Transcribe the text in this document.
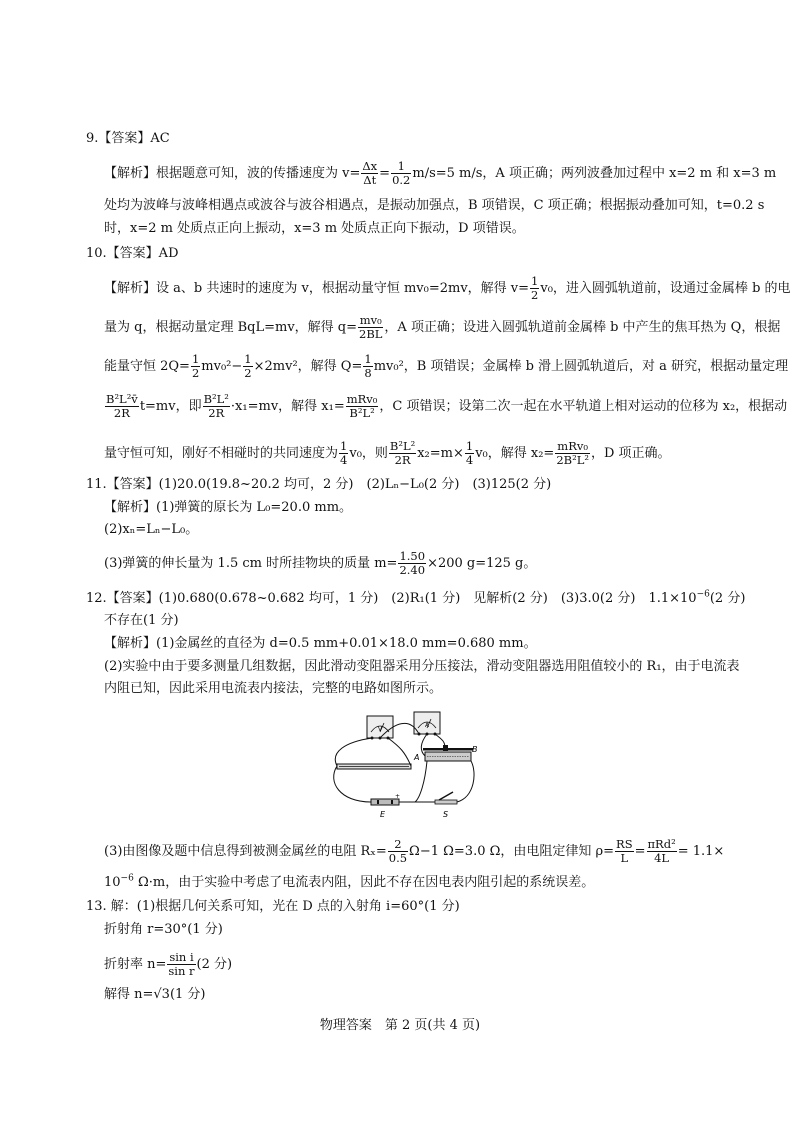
9.【答案】AC
【解析】根据题意可知，波的传播速度为 $v= \frac{\Delta x}{\Delta t} = \frac{1}{0.2} m/s=5$ m/s，A 项正确；两列波叠加过程中 x=2 m 和 x=3 m
处均为波峰与波峰相遇点或波谷与波谷相遇点，是振动加强点，B 项错误，C 项正确；根据振动叠加可知，t=0.2 s
时，x=2 m 处质点正向上振动，x=3 m 处质点正向下振动，D 项错误。
10.【答案】AD
【解析】设 a、b 共速时的速度为 v，根据动量守恒 mv₀=2mv，解得 $v= \frac{1}{2} v_0$，进入圆弧轨道前，设通过金属棒 b 的电
量为 q，根据动量定理 BqL=mv，解得 $q= \frac{\text{mv₀}}{2BL}$ ，A 项正确；设进入圆弧轨道前金属棒 b 中产生的焦耳热为 Q，根据
能量守恒 $2Q= \frac{1}{2} mv_0^2- \frac{1}{2} \times 2mv^2$，解得 $Q= \frac{1}{8} mv_0^2$，B 项错误；金属棒 b 滑上圆弧轨道后，对 a 研究，根据动量定理
$\frac{\text{B²L²v̄}}{2R} t=mv$，即 $\frac{\text{B²L²}}{2R} \cdot x_1=mv$，解得 $x_1= \frac{\text{mRv₀}}{\text{B²L²}}$ ，C 项错误；设第二次一起在水平轨道上相对运动的位移为 x₂，根据动
量守恒可知，刚好不相碰时的共同速度为 $\frac{1}{4} v_0$，则 $\frac{\text{B²L²}}{2R} x_2=m\times \frac{1}{4} v_0$，解得 $x_2= \frac{\text{mRv₀}}{\text{2B²L²}}$ ，D 项正确。
11.【答案】(1)20.0(19.8~20.2 均可，2 分)　(2)Lₙ−L₀(2 分)　(3)125(2 分)
【解析】(1)弹簧的原长为 L₀=20.0 mm。
(2)xₙ=Lₙ−L₀。
(3)弹簧的伸长量为 1.5 cm 时所挂物块的质量 $m= \frac{1.50}{2.40} \times 200$ g=125 g。
12.【答案】(1)0.680(0.678~0.682 均可，1 分)　(2)R₁(1 分)　见解析(2 分)　(3)3.0(2 分)　$1.1\times 10^{-6}(2$ 分)
不存在(1 分)
【解析】(1)金属丝的直径为 d=0.5 mm+0.01×18.0 mm=0.680 mm。
(2)实验中由于要多测量几组数据，因此滑动变阻器采用分压接法，滑动变阻器选用阻值较小的 R₁，由于电流表
内阻已知，因此采用电流表内接法，完整的电路如图所示。
V
A
A
B
+
E	S
(3)由图像及题中信息得到被测金属丝的电阻 $R_x= \frac{2}{0.5} \Omega-1$ Ω=3.0 Ω，由电阻定律知 $\rho= \frac{RS}{L} = \frac{\text{πRd²}}{4L} = 1.1\times$
$10^{-6}$ Ω·m，由于实验中考虑了电流表内阻，因此不存在因电表内阻引起的系统误差。
13. 解：(1)根据几何关系可知，光在 D 点的入射角 i=60°(1 分)
折射角 r=30°(1 分)
折射率 $n= \frac{\text{sin i}}{\text{sin r}} (2$ 分)
解得 n=√3(1 分)
物理答案　第 2 页(共 4 页)
